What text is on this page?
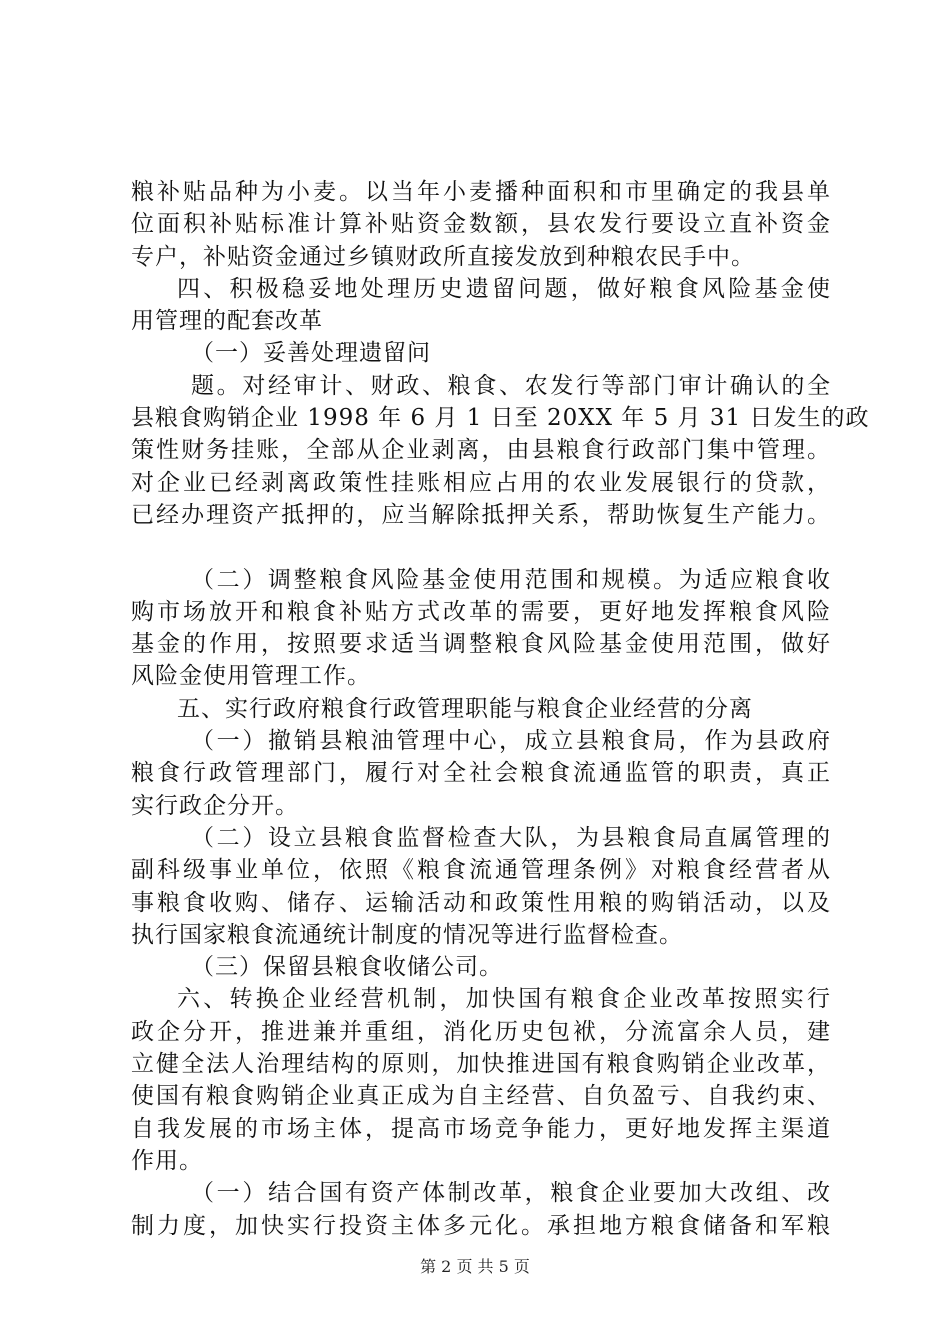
粮补贴品种为小麦。以当年小麦播种面积和市里确定的我县单
位面积补贴标准计算补贴资金数额，县农发行要设立直补资金
专户，补贴资金通过乡镇财政所直接发放到种粮农民手中。
四、积极稳妥地处理历史遗留问题，做好粮食风险基金使
用管理的配套改革
（一）妥善处理遗留问
题。对经审计、财政、粮食、农发行等部门审计确认的全
县粮食购销企业 1998 年 6 月 1 日至 20XX 年 5 月 31 日发生的政
策性财务挂账，全部从企业剥离，由县粮食行政部门集中管理。
对企业已经剥离政策性挂账相应占用的农业发展银行的贷款，
已经办理资产抵押的，应当解除抵押关系，帮助恢复生产能力。
（二）调整粮食风险基金使用范围和规模。为适应粮食收
购市场放开和粮食补贴方式改革的需要，更好地发挥粮食风险
基金的作用，按照要求适当调整粮食风险基金使用范围，做好
风险金使用管理工作。
五、实行政府粮食行政管理职能与粮食企业经营的分离
（一）撤销县粮油管理中心，成立县粮食局，作为县政府
粮食行政管理部门，履行对全社会粮食流通监管的职责，真正
实行政企分开。
（二）设立县粮食监督检查大队，为县粮食局直属管理的
副科级事业单位，依照《粮食流通管理条例》对粮食经营者从
事粮食收购、储存、运输活动和政策性用粮的购销活动，以及
执行国家粮食流通统计制度的情况等进行监督检查。
（三）保留县粮食收储公司。
六、转换企业经营机制，加快国有粮食企业改革按照实行
政企分开，推进兼并重组，消化历史包袱，分流富余人员，建
立健全法人治理结构的原则，加快推进国有粮食购销企业改革，
使国有粮食购销企业真正成为自主经营、自负盈亏、自我约束、
自我发展的市场主体，提高市场竞争能力，更好地发挥主渠道
作用。
（一）结合国有资产体制改革，粮食企业要加大改组、改
制力度，加快实行投资主体多元化。承担地方粮食储备和军粮
第 2 页 共 5 页
